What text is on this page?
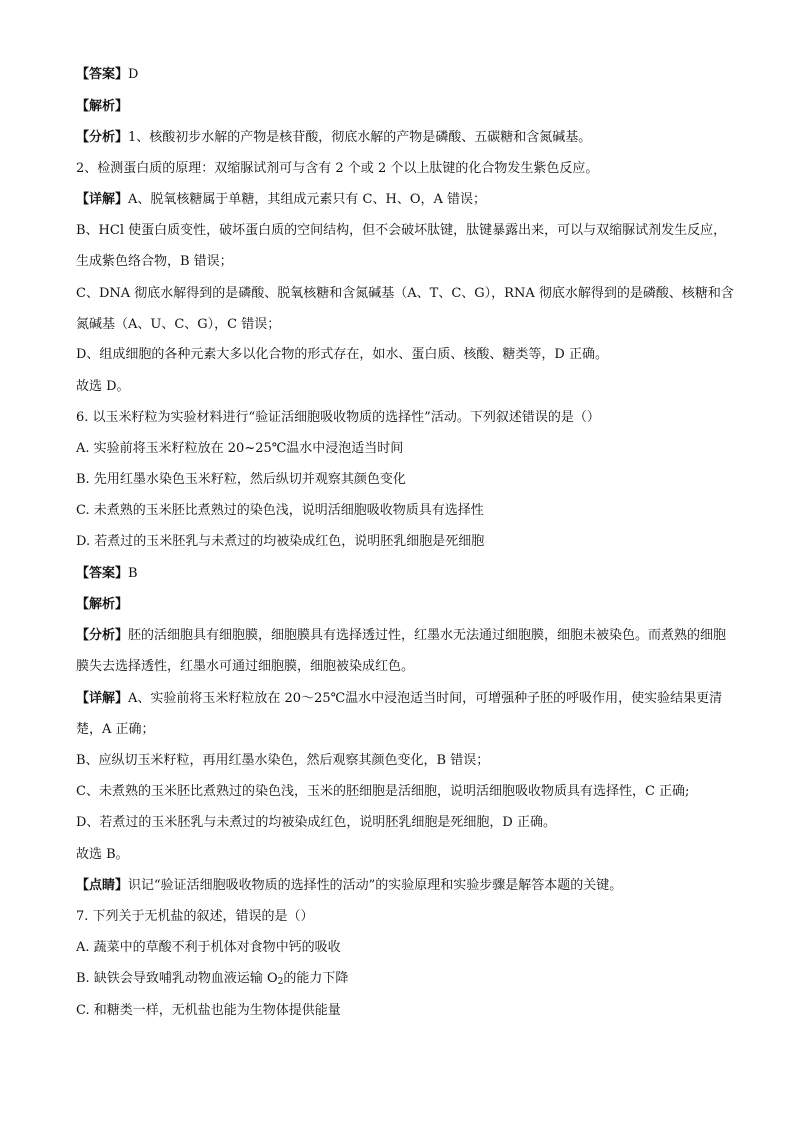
【答案】D
【解析】
【分析】1、核酸初步水解的产物是核苷酸，彻底水解的产物是磷酸、五碳糖和含氮碱基。
2、检测蛋白质的原理：双缩脲试剂可与含有 2 个或 2 个以上肽键的化合物发生紫色反应。
【详解】A、脱氧核糖属于单糖，其组成元素只有 C、H、O，A 错误；
B、HCl 使蛋白质变性，破坏蛋白质的空间结构，但不会破坏肽键，肽键暴露出来，可以与双缩脲试剂发生反应，生成紫色络合物，B 错误；
C、DNA 彻底水解得到的是磷酸、脱氧核糖和含氮碱基（A、T、C、G），RNA 彻底水解得到的是磷酸、核糖和含氮碱基（A、U、C、G），C 错误；
D、组成细胞的各种元素大多以化合物的形式存在，如水、蛋白质、核酸、糖类等，D 正确。
故选 D。
6. 以玉米籽粒为实验材料进行“验证活细胞吸收物质的选择性”活动。下列叙述错误的是（）
A. 实验前将玉米籽粒放在 20~25℃温水中浸泡适当时间
B. 先用红墨水染色玉米籽粒，然后纵切并观察其颜色变化
C. 未煮熟的玉米胚比煮熟过的染色浅，说明活细胞吸收物质具有选择性
D. 若煮过的玉米胚乳与未煮过的均被染成红色，说明胚乳细胞是死细胞
【答案】B
【解析】
【分析】胚的活细胞具有细胞膜，细胞膜具有选择透过性，红墨水无法通过细胞膜，细胞未被染色。而煮熟的细胞膜失去选择透性，红墨水可通过细胞膜，细胞被染成红色。
【详解】A、实验前将玉米籽粒放在 20～25℃温水中浸泡适当时间，可增强种子胚的呼吸作用，使实验结果更清楚，A 正确；
B、应纵切玉米籽粒，再用红墨水染色，然后观察其颜色变化，B 错误；
C、未煮熟的玉米胚比煮熟过的染色浅，玉米的胚细胞是活细胞，说明活细胞吸收物质具有选择性，C 正确;
D、若煮过的玉米胚乳与未煮过的均被染成红色，说明胚乳细胞是死细胞，D 正确。
故选 B。
【点睛】识记“验证活细胞吸收物质的选择性的活动”的实验原理和实验步骤是解答本题的关键。
7. 下列关于无机盐的叙述，错误的是（）
A. 蔬菜中的草酸不利于机体对食物中钙的吸收
B. 缺铁会导致哺乳动物血液运输 $O_2$的能力下降
C. 和糖类一样，无机盐也能为生物体提供能量
